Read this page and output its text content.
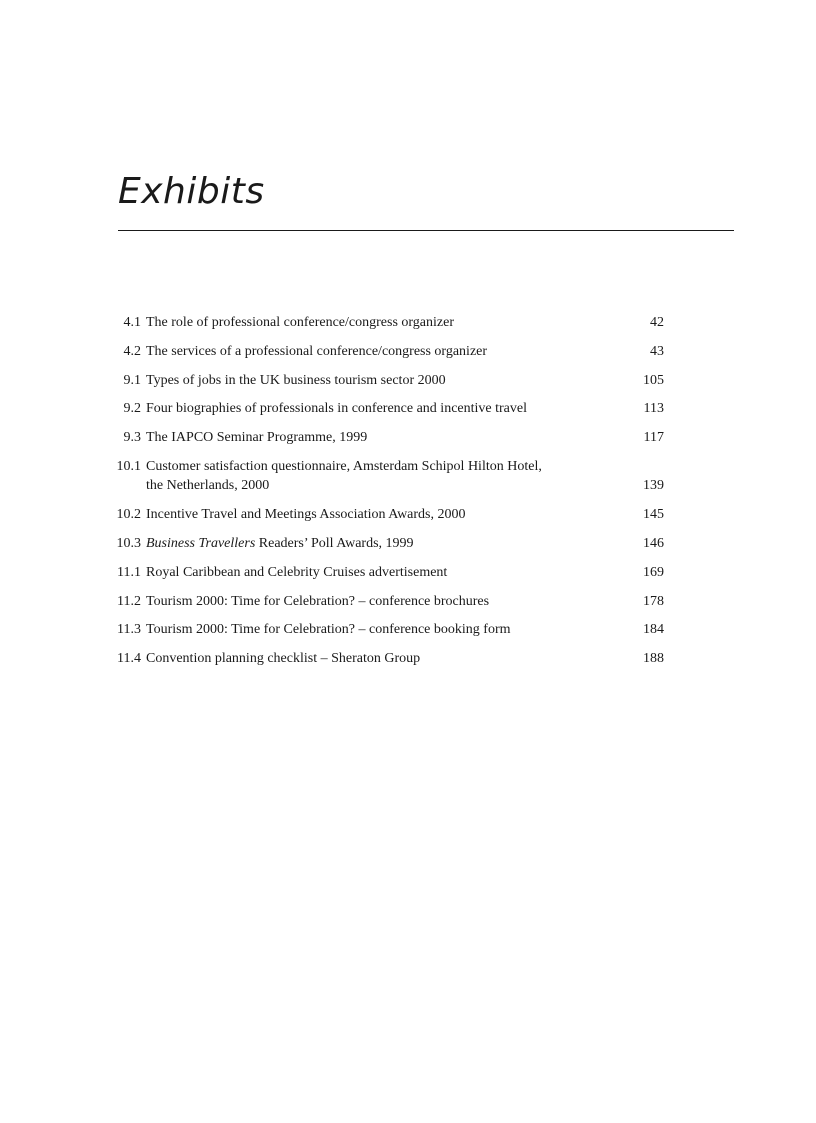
Exhibits
4.1 The role of professional conference/congress organizer	42
4.2 The services of a professional conference/congress organizer	43
9.1 Types of jobs in the UK business tourism sector 2000	105
9.2 Four biographies of professionals in conference and incentive travel	113
9.3 The IAPCO Seminar Programme, 1999	117
10.1 Customer satisfaction questionnaire, Amsterdam Schipol Hilton Hotel,
the Netherlands, 2000	139
10.2 Incentive Travel and Meetings Association Awards, 2000	145
10.3 Business Travellers Readers’ Poll Awards, 1999	146
11.1 Royal Caribbean and Celebrity Cruises advertisement	169
11.2 Tourism 2000: Time for Celebration? – conference brochures	178
11.3 Tourism 2000: Time for Celebration? – conference booking form	184
11.4 Convention planning checklist – Sheraton Group	188
